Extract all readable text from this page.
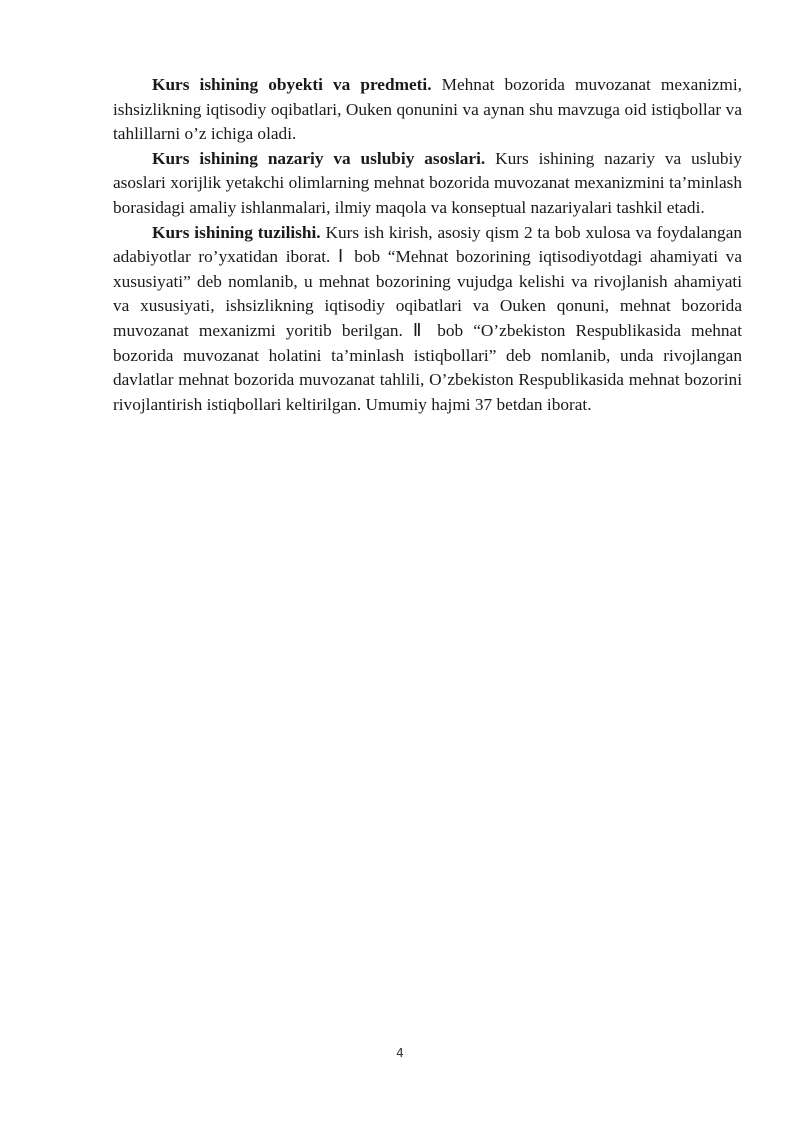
Kurs ishining obyekti va predmeti. Mehnat bozorida muvozanat mexanizmi, ishsizlikning iqtisodiy oqibatlari, Ouken qonunini va aynan shu mavzuga oid istiqbollar va tahlillarni o’z ichiga oladi.

Kurs ishining nazariy va uslubiy asoslari. Kurs ishining nazariy va uslubiy asoslari xorijlik yetakchi olimlarning mehnat bozorida muvozanat mexanizmini ta’minlash borasidagi amaliy ishlanmalari, ilmiy maqola va konseptual nazariyalari tashkil etadi.

Kurs ishining tuzilishi. Kurs ish kirish, asosiy qism 2 ta bob xulosa va foydalangan adabiyotlar ro’yxatidan iborat. Ⅰ bob “Mehnat bozorining iqtisodiyotdagi ahamiyati va xususiyati” deb nomlanib, u mehnat bozorining vujudga kelishi va rivojlanish ahamiyati va xususiyati, ishsizlikning iqtisodiy oqibatlari va Ouken qonuni, mehnat bozorida muvozanat mexanizmi yoritib berilgan. Ⅱ bob “O’zbekiston Respublikasida mehnat bozorida muvozanat holatini ta’minlash istiqbollari” deb nomlanib, unda rivojlangan davlatlar mehnat bozorida muvozanat tahlili, O’zbekiston Respublikasida mehnat bozorini rivojlantirish istiqbollari keltirilgan. Umumiy hajmi 37 betdan iborat.

4
